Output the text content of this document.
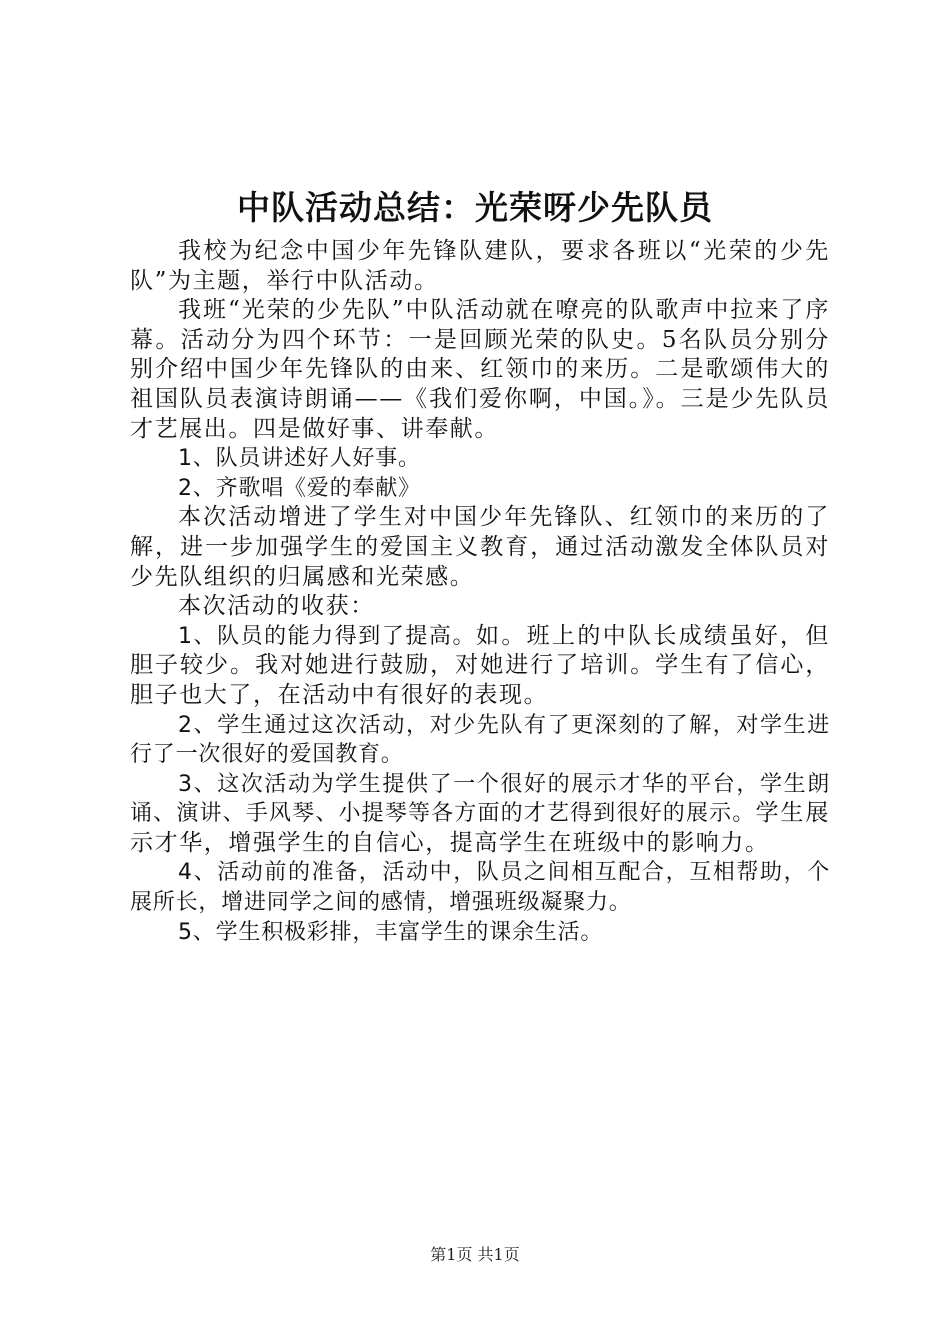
中队活动总结：光荣呀少先队员

我校为纪念中国少年先锋队建队，要求各班以“光荣的少先队”为主题，举行中队活动。

我班“光荣的少先队”中队活动就在嘹亮的队歌声中拉来了序幕。活动分为四个环节：一是回顾光荣的队史。5名队员分别分别介绍中国少年先锋队的由来、红领巾的来历。二是歌颂伟大的祖国队员表演诗朗诵——《我们爱你啊，中国。》。三是少先队员才艺展出。四是做好事、讲奉献。

1、队员讲述好人好事。

2、齐歌唱《爱的奉献》

本次活动增进了学生对中国少年先锋队、红领巾的来历的了解，进一步加强学生的爱国主义教育，通过活动激发全体队员对少先队组织的归属感和光荣感。

本次活动的收获：

1、队员的能力得到了提高。如。班上的中队长成绩虽好，但胆子较少。我对她进行鼓励，对她进行了培训。学生有了信心，胆子也大了，在活动中有很好的表现。

2、学生通过这次活动，对少先队有了更深刻的了解，对学生进行了一次很好的爱国教育。

3、这次活动为学生提供了一个很好的展示才华的平台，学生朗诵、演讲、手风琴、小提琴等各方面的才艺得到很好的展示。学生展示才华，增强学生的自信心，提高学生在班级中的影响力。

4、活动前的准备，活动中，队员之间相互配合，互相帮助，个展所长，增进同学之间的感情，增强班级凝聚力。

5、学生积极彩排，丰富学生的课余生活。

第1页 共1页
